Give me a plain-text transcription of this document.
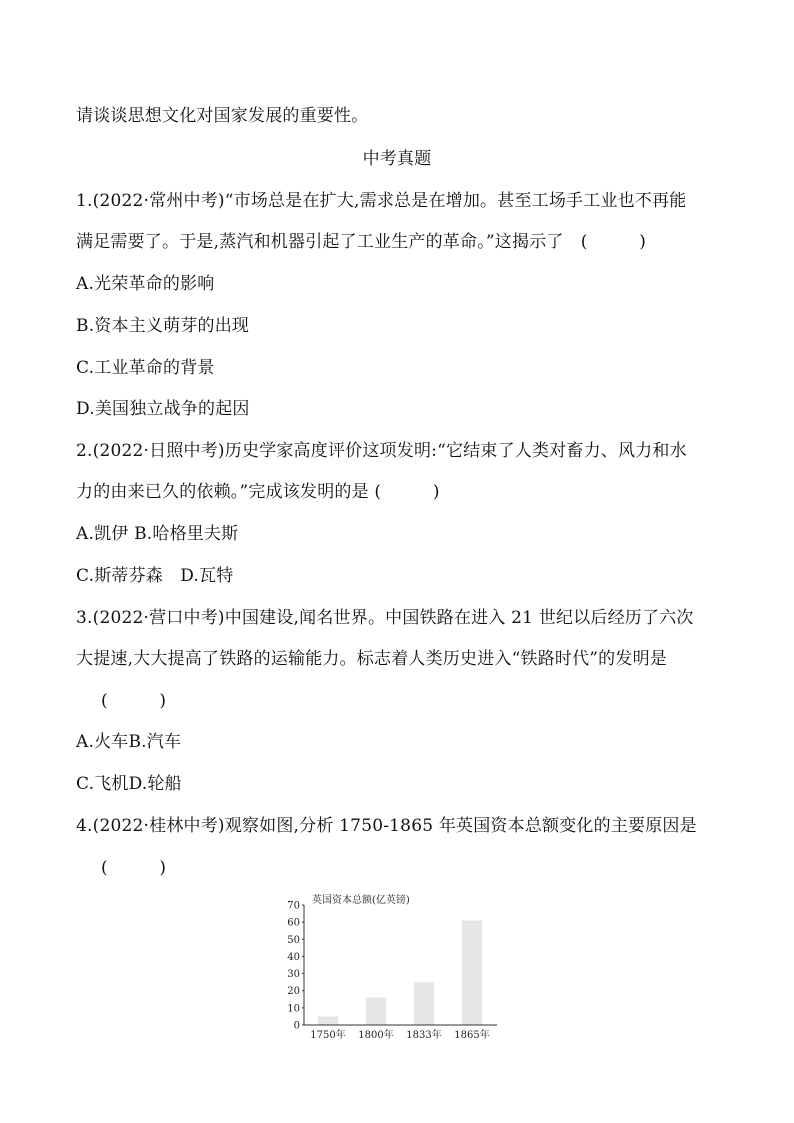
请谈谈思想文化对国家发展的重要性。
中考真题
1.(2022·常州中考)“市场总是在扩大,需求总是在增加。甚至工场手工业也不再能
满足需要了。于是,蒸汽和机器引起了工业生产的革命。”这揭示了　(　　　)
A.光荣革命的影响
B.资本主义萌芽的出现
C.工业革命的背景
D.美国独立战争的起因
2.(2022·日照中考)历史学家高度评价这项发明:“它结束了人类对畜力、风力和水
力的由来已久的依赖。”完成该发明的是 (　　　)
A.凯伊 B.哈格里夫斯
C.斯蒂芬森　D.瓦特
3.(2022·营口中考)中国建设,闻名世界。中国铁路在进入 21 世纪以后经历了六次
大提速,大大提高了铁路的运输能力。标志着人类历史进入“铁路时代”的发明是
(　　　)
A.火车B.汽车
C.飞机D.轮船
4.(2022·桂林中考)观察如图,分析 1750-1865 年英国资本总额变化的主要原因是
(　　　)
英国资本总额(亿英镑)
0
10
20
30
40
50
60
70
1750年 1800年 1833年 1865年
